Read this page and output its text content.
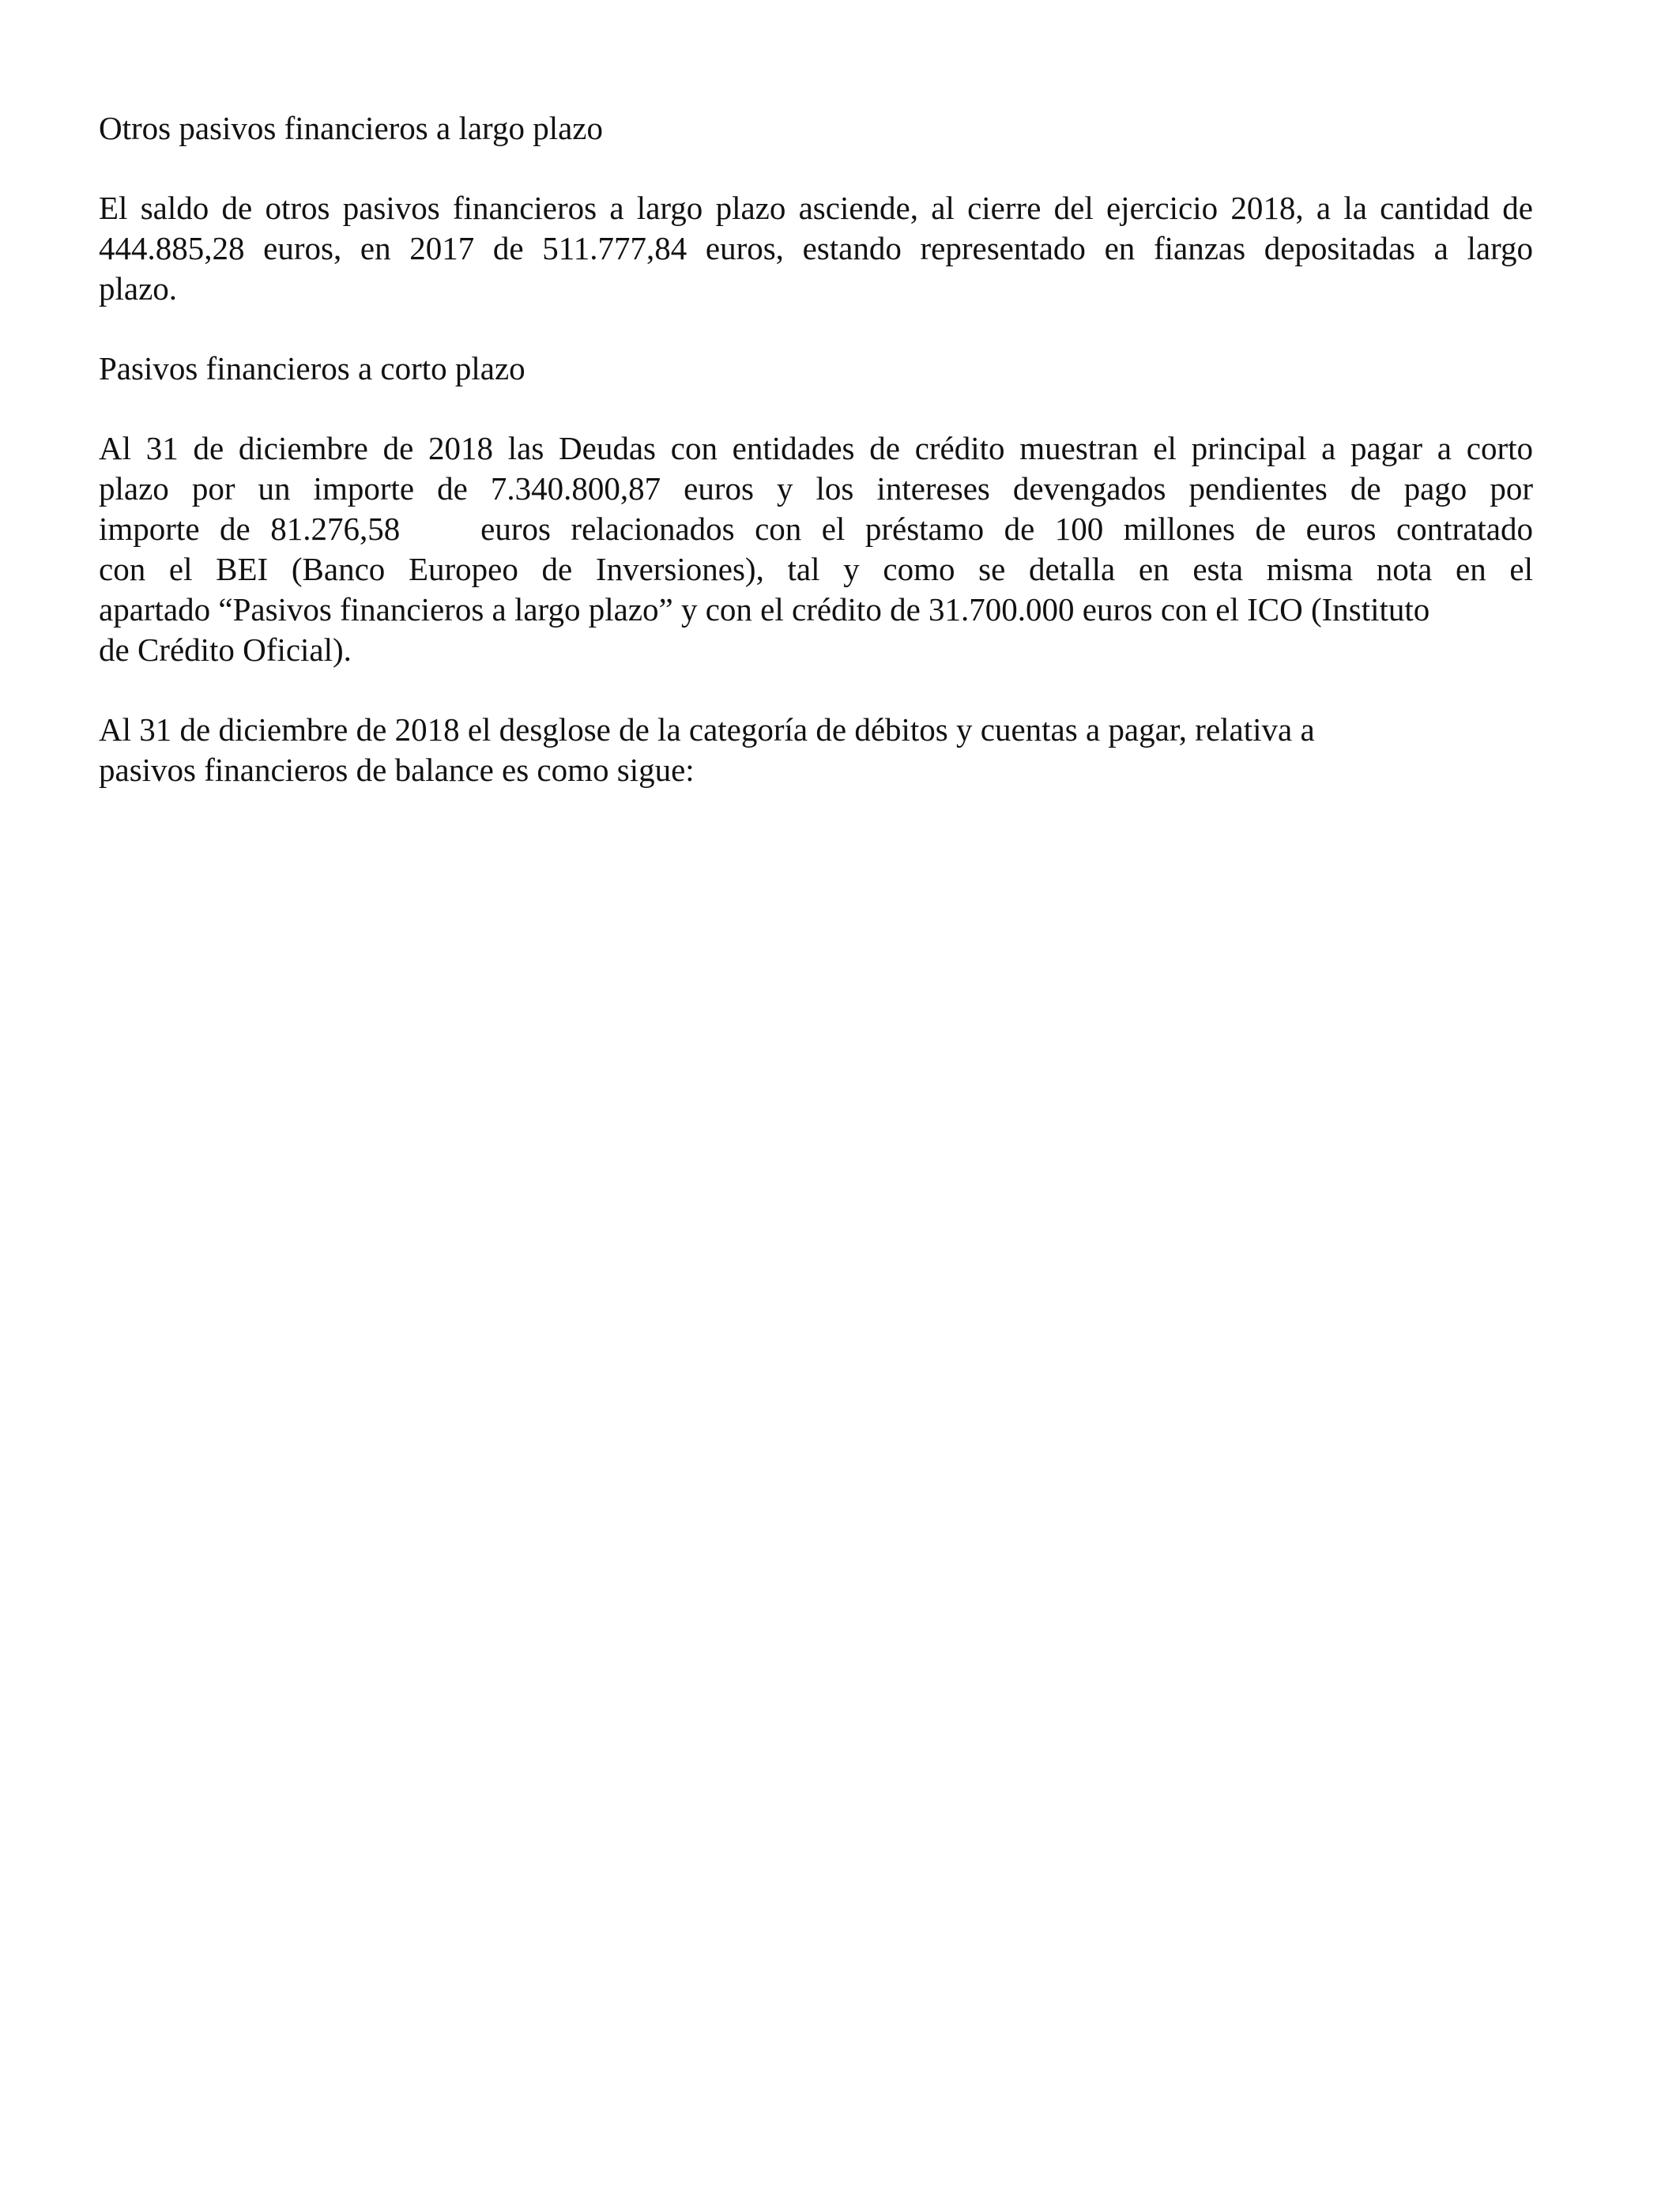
Otros pasivos financieros a largo plazo

El saldo de otros pasivos financieros a largo plazo asciende, al cierre del ejercicio 2018, a la cantidad de
444.885,28 euros, en 2017 de 511.777,84 euros, estando representado en fianzas depositadas a largo
plazo.

Pasivos financieros a corto plazo

Al 31 de diciembre de 2018 las Deudas con entidades de crédito muestran el principal a pagar a corto
plazo por un importe de 7.340.800,87 euros y los intereses devengados pendientes de pago por
importe de 81.276,58    euros relacionados con el préstamo de 100 millones de euros contratado
con el BEI (Banco Europeo de Inversiones), tal y como se detalla en esta misma nota en el
apartado “Pasivos financieros a largo plazo” y con el crédito de 31.700.000 euros con el ICO (Instituto
de Crédito Oficial).

Al 31 de diciembre de 2018 el desglose de la categoría de débitos y cuentas a pagar, relativa a
pasivos financieros de balance es como sigue:
